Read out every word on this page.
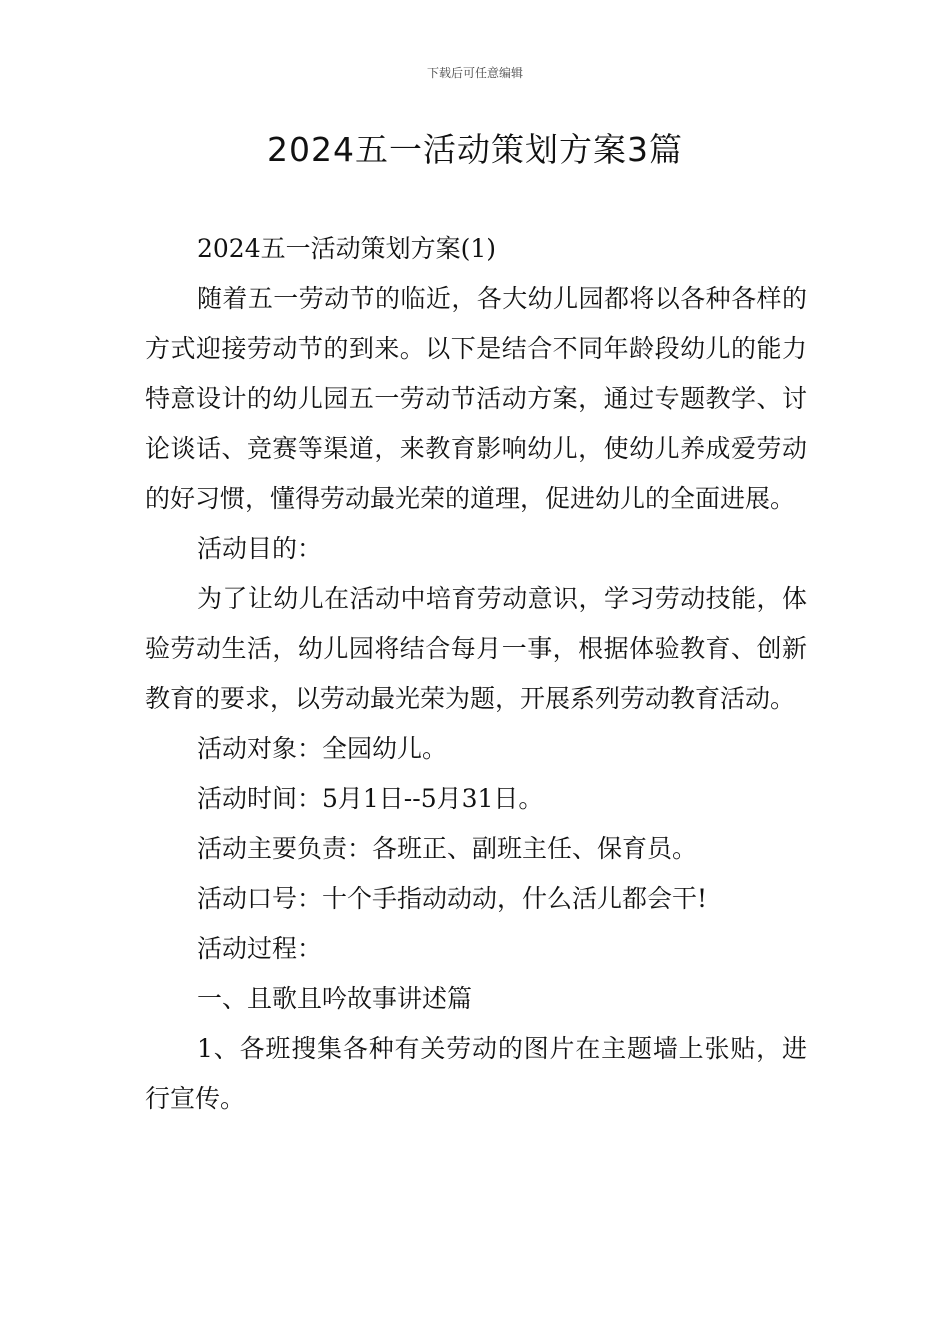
下载后可任意编辑
2024五一活动策划方案3篇

2024五一活动策划方案(1)

随着五一劳动节的临近，各大幼儿园都将以各种各样的方式迎接劳动节的到来。以下是结合不同年龄段幼儿的能力特意设计的幼儿园五一劳动节活动方案，通过专题教学、讨论谈话、竞赛等渠道，来教育影响幼儿，使幼儿养成爱劳动的好习惯，懂得劳动最光荣的道理，促进幼儿的全面进展。

活动目的：

为了让幼儿在活动中培育劳动意识，学习劳动技能，体验劳动生活，幼儿园将结合每月一事，根据体验教育、创新教育的要求，以劳动最光荣为题，开展系列劳动教育活动。

活动对象：全园幼儿。

活动时间：5月1日--5月31日。

活动主要负责：各班正、副班主任、保育员。

活动口号：十个手指动动动，什么活儿都会干!

活动过程：

一、且歌且吟故事讲述篇

1、各班搜集各种有关劳动的图片在主题墙上张贴，进行宣传。
